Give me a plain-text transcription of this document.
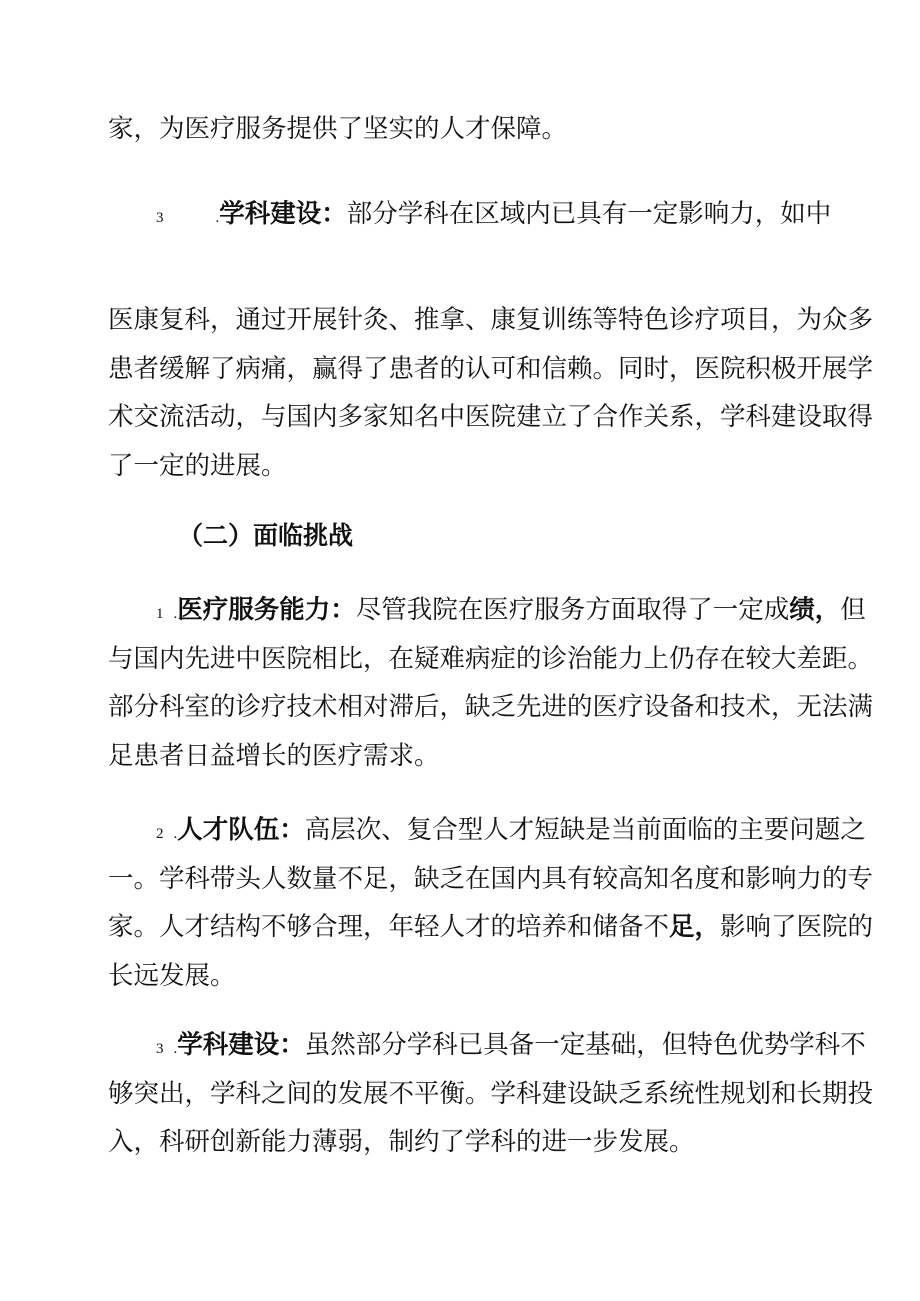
家，为医疗服务提供了坚实的人才保障。
3	.学科建设：部分学科在区域内已具有一定影响力，如中
医康复科，通过开展针灸、推拿、康复训练等特色诊疗项目，为众多
患者缓解了病痛，赢得了患者的认可和信赖。同时，医院积极开展学
术交流活动，与国内多家知名中医院建立了合作关系，学科建设取得
了一定的进展。
（二）面临挑战
1 .医疗服务能力：尽管我院在医疗服务方面取得了一定成绩，但
与国内先进中医院相比，在疑难病症的诊治能力上仍存在较大差距。
部分科室的诊疗技术相对滞后，缺乏先进的医疗设备和技术，无法满
足患者日益增长的医疗需求。
2 .人才队伍：高层次、复合型人才短缺是当前面临的主要问题之
一。学科带头人数量不足，缺乏在国内具有较高知名度和影响力的专
家。人才结构不够合理，年轻人才的培养和储备不足，影响了医院的
长远发展。
3 .学科建设：虽然部分学科已具备一定基础，但特色优势学科不
够突出，学科之间的发展不平衡。学科建设缺乏系统性规划和长期投
入，科研创新能力薄弱，制约了学科的进一步发展。
